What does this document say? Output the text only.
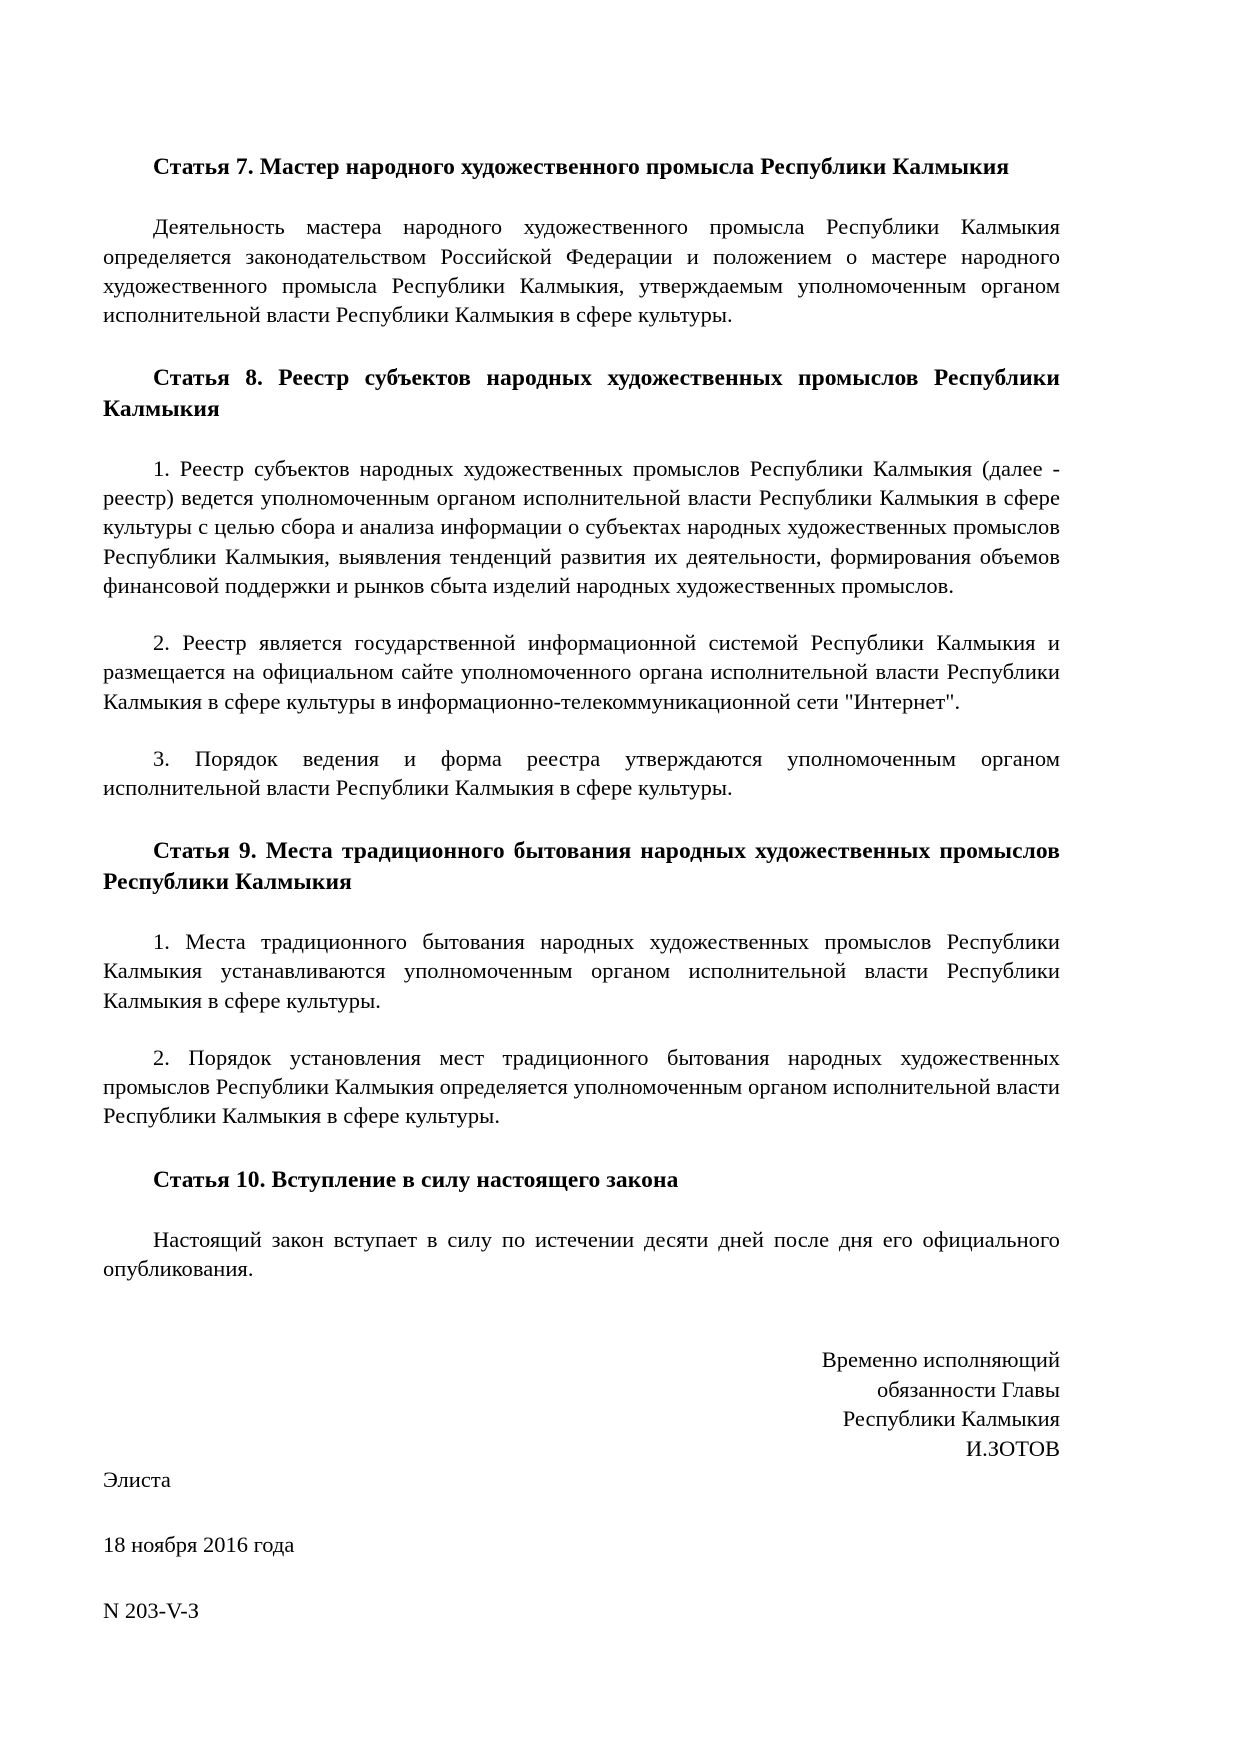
Статья 7. Мастер народного художественного промысла Республики Калмыкия

Деятельность мастера народного художественного промысла Республики Калмыкия определяется законодательством Российской Федерации и положением о мастере народного художественного промысла Республики Калмыкия, утверждаемым уполномоченным органом исполнительной власти Республики Калмыкия в сфере культуры.

Статья 8. Реестр субъектов народных художественных промыслов Республики Калмыкия

1. Реестр субъектов народных художественных промыслов Республики Калмыкия (далее - реестр) ведется уполномоченным органом исполнительной власти Республики Калмыкия в сфере культуры с целью сбора и анализа информации о субъектах народных художественных промыслов Республики Калмыкия, выявления тенденций развития их деятельности, формирования объемов финансовой поддержки и рынков сбыта изделий народных художественных промыслов.

2. Реестр является государственной информационной системой Республики Калмыкия и размещается на официальном сайте уполномоченного органа исполнительной власти Республики Калмыкия в сфере культуры в информационно-телекоммуникационной сети "Интернет".

3. Порядок ведения и форма реестра утверждаются уполномоченным органом исполнительной власти Республики Калмыкия в сфере культуры.

Статья 9. Места традиционного бытования народных художественных промыслов Республики Калмыкия

1. Места традиционного бытования народных художественных промыслов Республики Калмыкия устанавливаются уполномоченным органом исполнительной власти Республики Калмыкия в сфере культуры.

2. Порядок установления мест традиционного бытования народных художественных промыслов Республики Калмыкия определяется уполномоченным органом исполнительной власти Республики Калмыкия в сфере культуры.

Статья 10. Вступление в силу настоящего закона

Настоящий закон вступает в силу по истечении десяти дней после дня его официального опубликования.

Временно исполняющий
обязанности Главы
Республики Калмыкия
И.ЗОТОВ
Элиста
18 ноября 2016 года
N 203-V-З
